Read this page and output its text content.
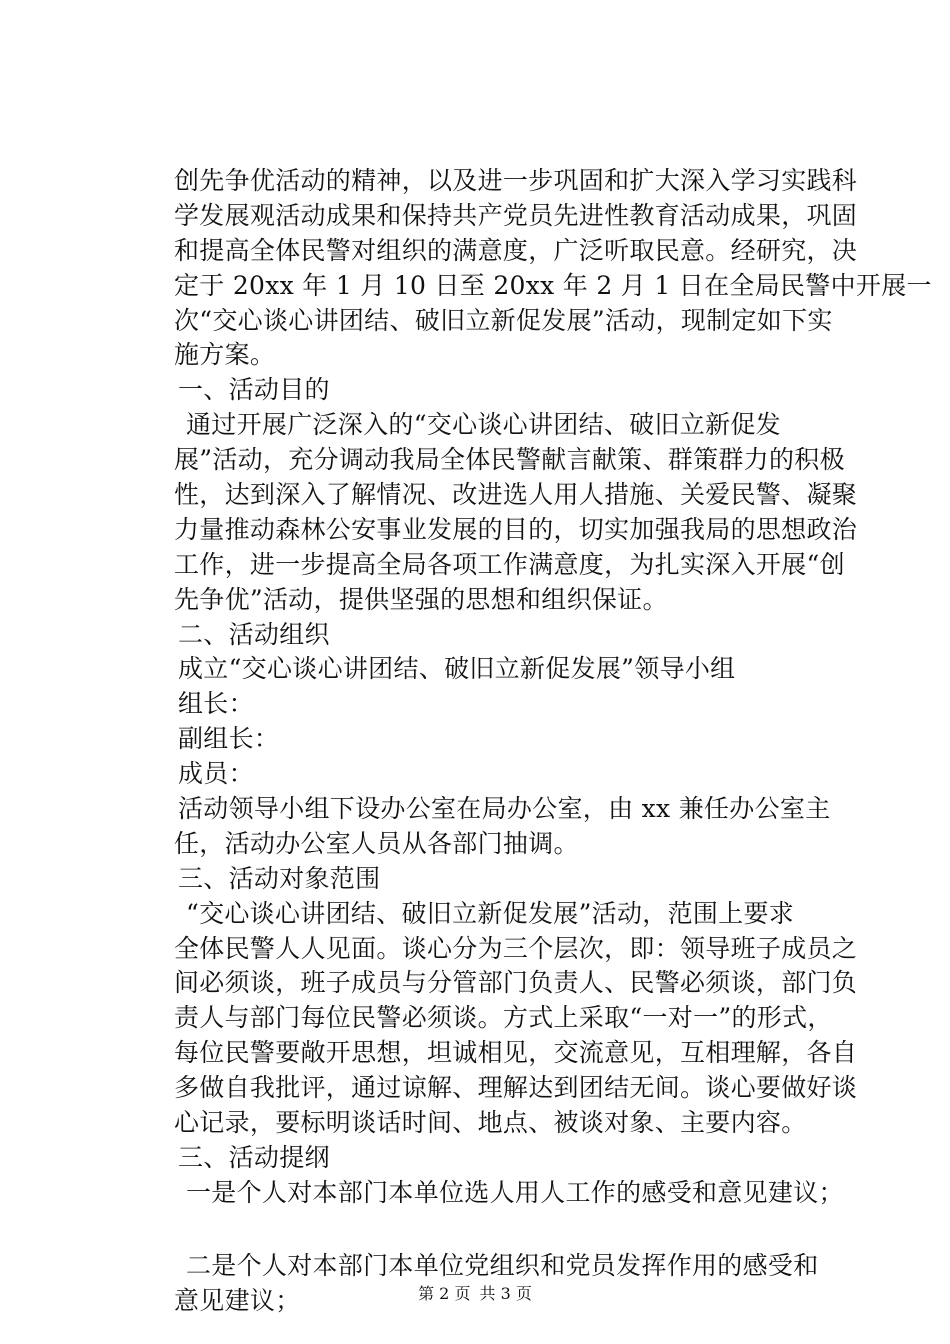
创先争优活动的精神，以及进一步巩固和扩大深入学习实践科
学发展观活动成果和保持共产党员先进性教育活动成果，巩固
和提高全体民警对组织的满意度，广泛听取民意。经研究，决
定于 20xx 年 1 月 10 日至 20xx 年 2 月 1 日在全局民警中开展一
次“交心谈心讲团结、破旧立新促发展”活动，现制定如下实
施方案。
一、活动目的
通过开展广泛深入的“交心谈心讲团结、破旧立新促发
展”活动，充分调动我局全体民警献言献策、群策群力的积极
性，达到深入了解情况、改进选人用人措施、关爱民警、凝聚
力量推动森林公安事业发展的目的，切实加强我局的思想政治
工作，进一步提高全局各项工作满意度，为扎实深入开展“创
先争优”活动，提供坚强的思想和组织保证。
二、活动组织
成立“交心谈心讲团结、破旧立新促发展”领导小组
组长：
副组长：
成员：
活动领导小组下设办公室在局办公室，由 xx 兼任办公室主
任，活动办公室人员从各部门抽调。
三、活动对象范围
“交心谈心讲团结、破旧立新促发展”活动，范围上要求
全体民警人人见面。谈心分为三个层次，即：领导班子成员之
间必须谈，班子成员与分管部门负责人、民警必须谈，部门负
责人与部门每位民警必须谈。方式上采取“一对一”的形式，
每位民警要敞开思想，坦诚相见，交流意见，互相理解，各自
多做自我批评，通过谅解、理解达到团结无间。谈心要做好谈
心记录，要标明谈话时间、地点、被谈对象、主要内容。
三、活动提纲
一是个人对本部门本单位选人用人工作的感受和意见建议；
二是个人对本部门本单位党组织和党员发挥作用的感受和
意见建议；	第 2 页 共 3 页
